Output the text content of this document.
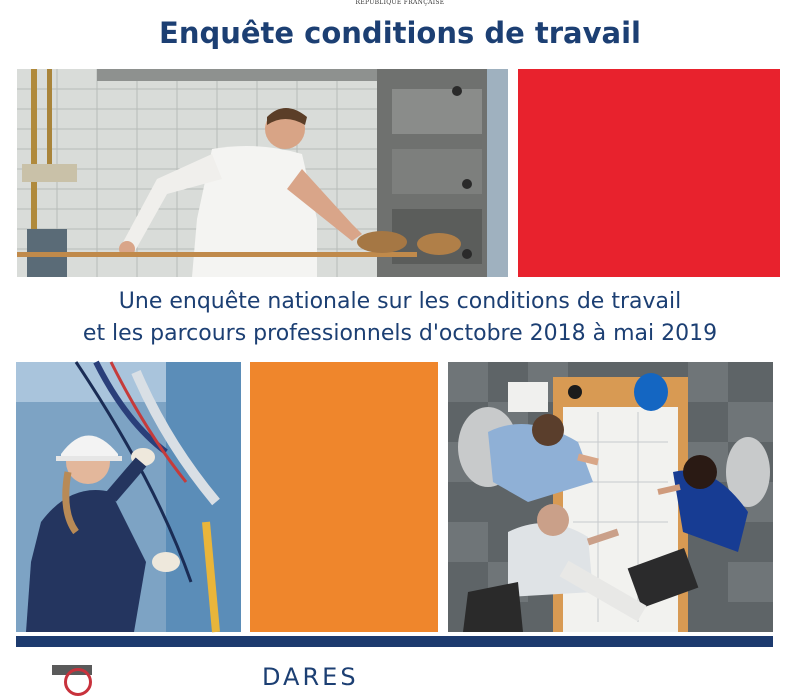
RÉPUBLIQUE FRANÇAISE
Enquête conditions de travail
Une enquête nationale sur les conditions de travail
et les parcours professionnels d'octobre 2018 à mai 2019
DARES
